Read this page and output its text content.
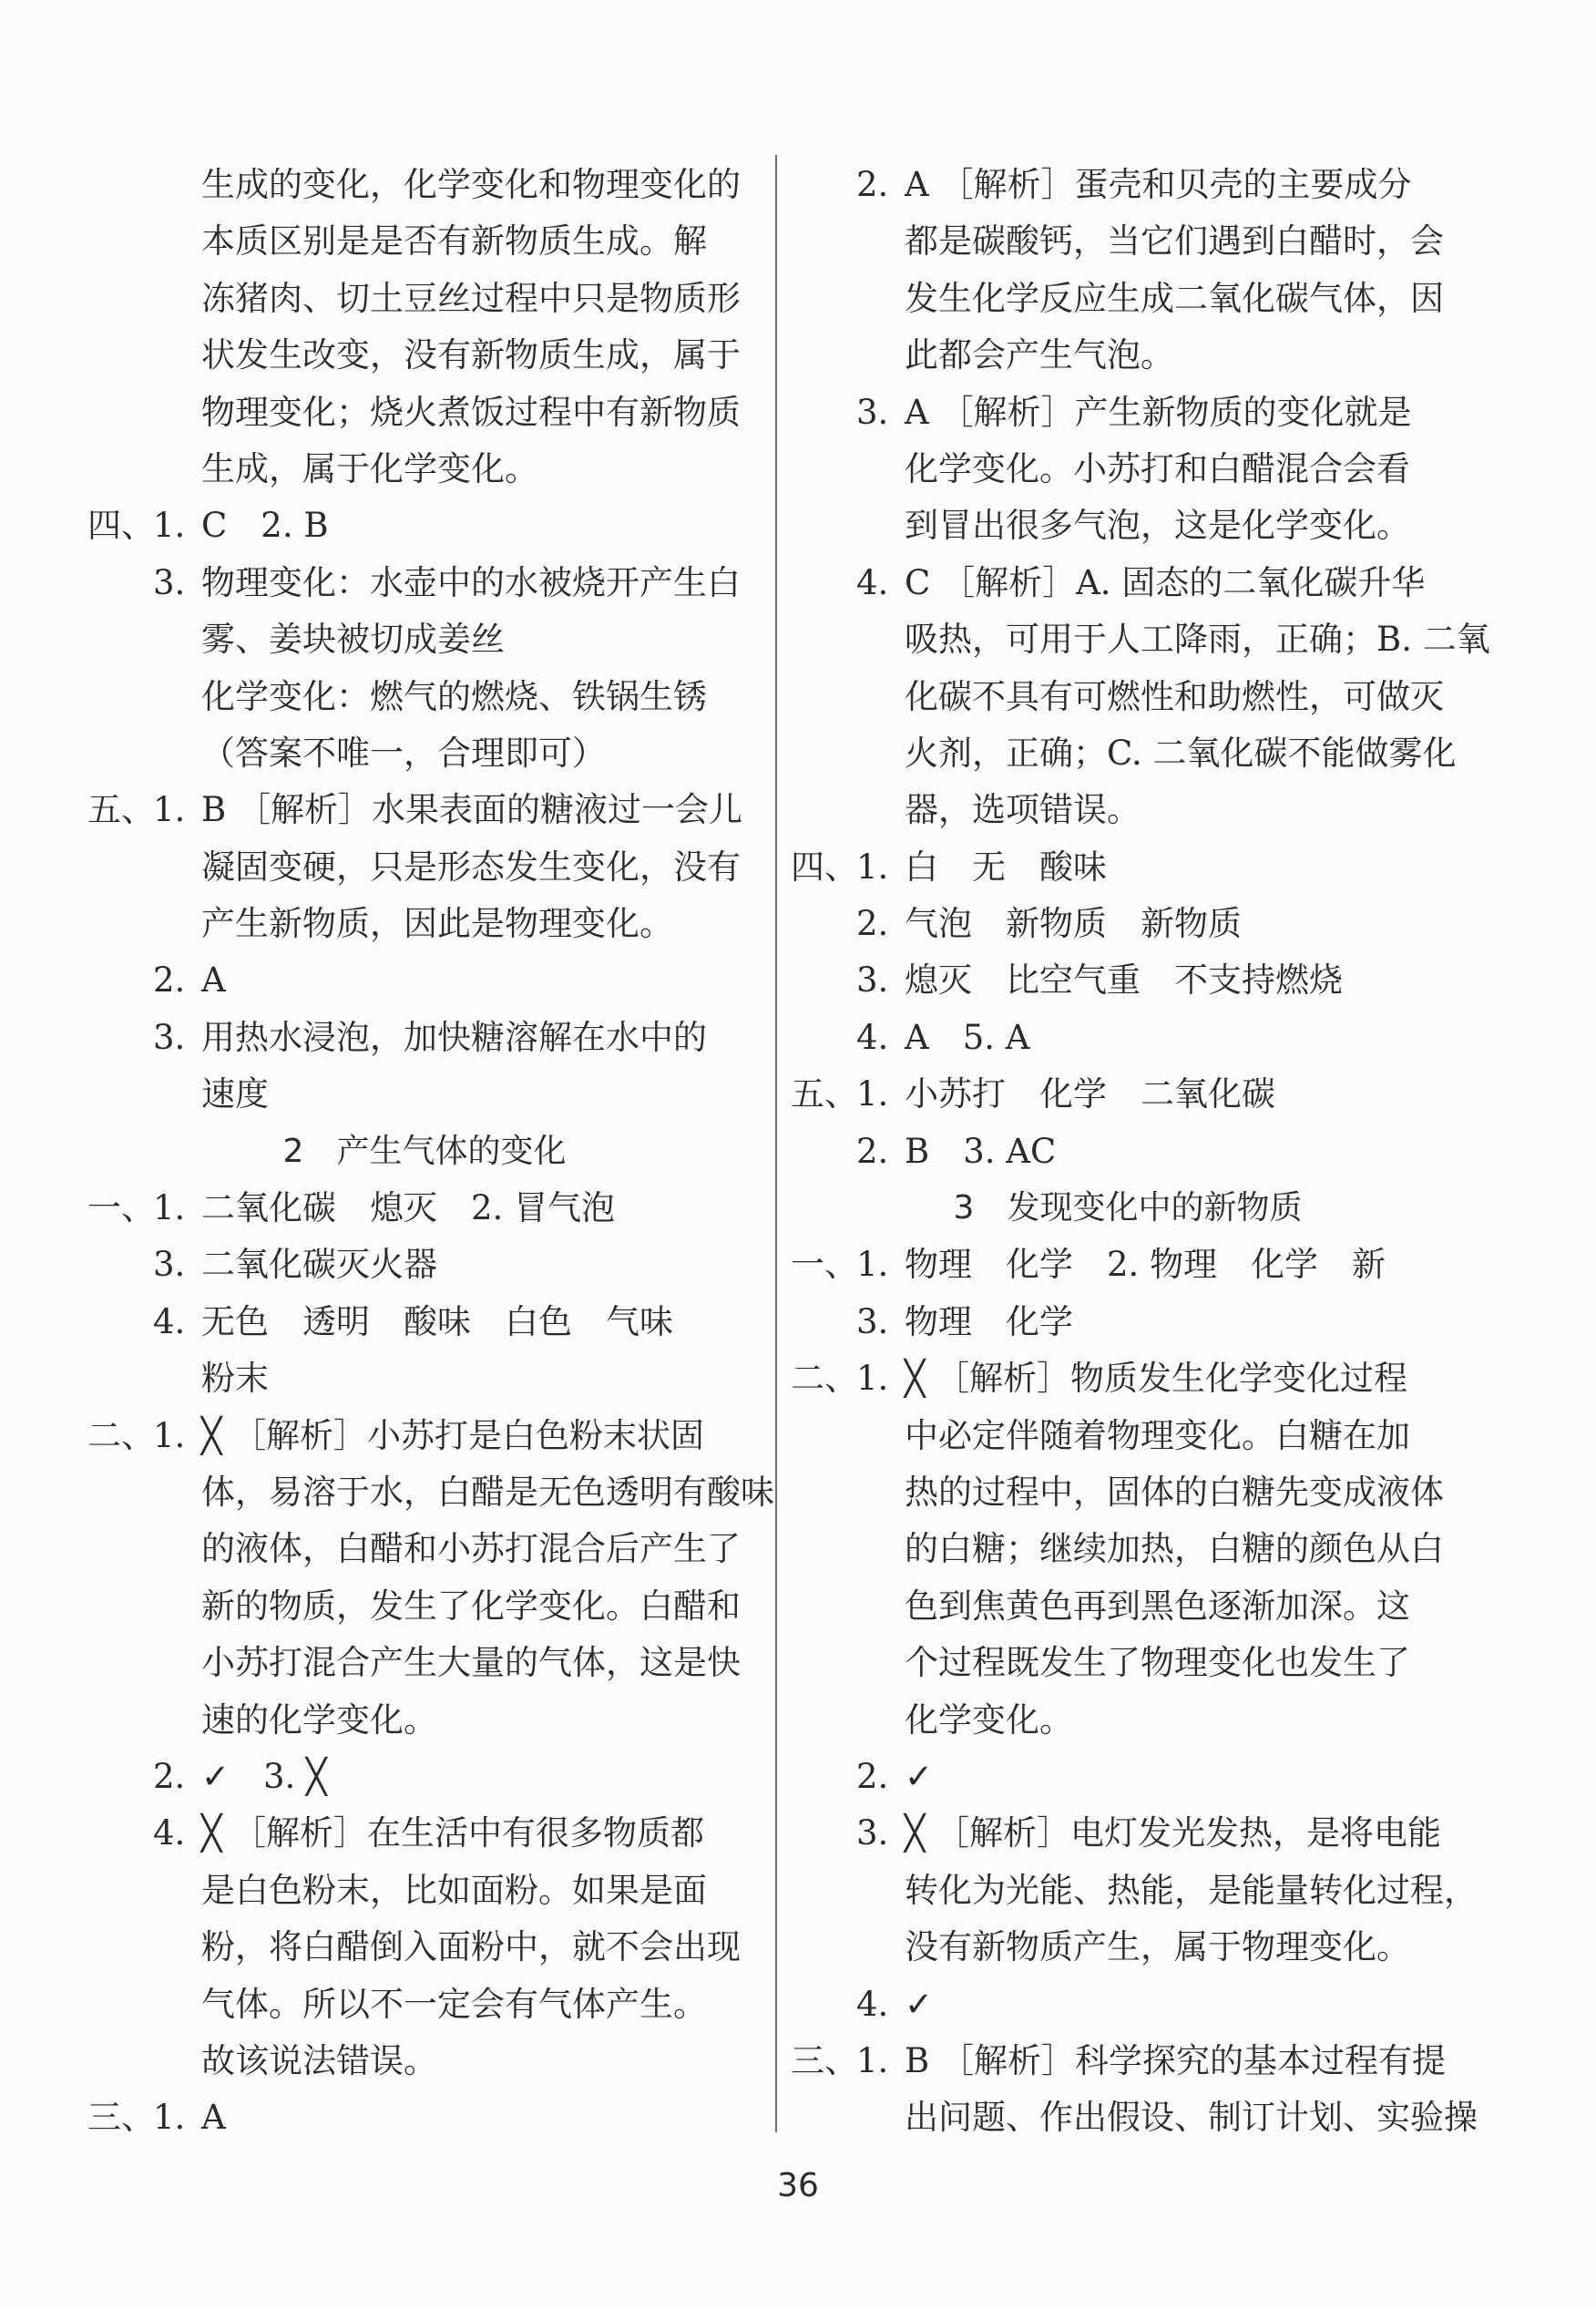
生成的变化，化学变化和物理变化的
本质区别是是否有新物质生成。解
冻猪肉、切土豆丝过程中只是物质形
状发生改变，没有新物质生成，属于
物理变化；烧火煮饭过程中有新物质
生成，属于化学变化。
四、
1. C　2. B
3. 物理变化：水壶中的水被烧开产生白
雾、姜块被切成姜丝
化学变化：燃气的燃烧、铁锅生锈
（答案不唯一，合理即可）
五、
1. B ［解析］水果表面的糖液过一会儿
凝固变硬，只是形态发生变化，没有
产生新物质，因此是物理变化。
2. A
3. 用热水浸泡，加快糖溶解在水中的
速度
2　产生气体的变化
一、
1. 二氧化碳　熄灭　2. 冒气泡
3. 二氧化碳灭火器
4. 无色　透明　酸味　白色　气味
粉末
二、
1. ╳ ［解析］小苏打是白色粉末状固
体，易溶于水，白醋是无色透明有酸味
的液体，白醋和小苏打混合后产生了
新的物质，发生了化学变化。白醋和
小苏打混合产生大量的气体，这是快
速的化学变化。
2. ✓　3. ╳
4. ╳ ［解析］在生活中有很多物质都
是白色粉末，比如面粉。如果是面
粉，将白醋倒入面粉中，就不会出现
气体。所以不一定会有气体产生。
故该说法错误。
三、
1. A
2. A ［解析］蛋壳和贝壳的主要成分
都是碳酸钙，当它们遇到白醋时，会
发生化学反应生成二氧化碳气体，因
此都会产生气泡。
3. A ［解析］产生新物质的变化就是
化学变化。小苏打和白醋混合会看
到冒出很多气泡，这是化学变化。
4. C ［解析］A. 固态的二氧化碳升华
吸热，可用于人工降雨，正确；B. 二氧
化碳不具有可燃性和助燃性，可做灭
火剂，正确；C. 二氧化碳不能做雾化
器，选项错误。
四、
1. 白　无　酸味
2. 气泡　新物质　新物质
3. 熄灭　比空气重　不支持燃烧
4. A　5. A
五、
1. 小苏打　化学　二氧化碳
2. B　3. AC
3　发现变化中的新物质
一、
1. 物理　化学　2. 物理　化学　新
3. 物理　化学
二、
1. ╳ ［解析］物质发生化学变化过程
中必定伴随着物理变化。白糖在加
热的过程中，固体的白糖先变成液体
的白糖；继续加热，白糖的颜色从白
色到焦黄色再到黑色逐渐加深。这
个过程既发生了物理变化也发生了
化学变化。
2. ✓
3. ╳ ［解析］电灯发光发热，是将电能
转化为光能、热能，是能量转化过程，
没有新物质产生，属于物理变化。
4. ✓
三、
1. B ［解析］科学探究的基本过程有提
出问题、作出假设、制订计划、实验操
36
